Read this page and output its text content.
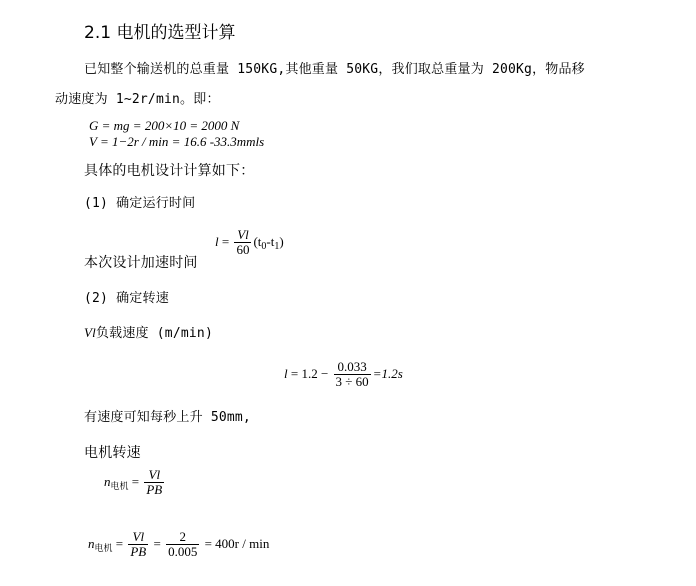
2.1 电机的选型计算
已知整个输送机的总重量 150KG,其他重量 50KG，我们取总重量为 200Kg，物品移
动速度为 1~2r/min。即：
G = mg = 200×10 = 2000 N
V = 1−2r / min = 16.6 -33.3mmls
具体的电机设计计算如下：
(1) 确定运行时间
$l = \frac{Vl}{60} (t_0-t_1)$
本次设计加速时间
(2) 确定转速
Vl负载速度 (m/min)
$l = 1.2 - \frac{0.033}{3 \div 60} =1.2s$
有速度可知每秒上升 50mm,
电机转速
$n_{电机} = \frac{Vl}{PB}$
$n_{电机} = \frac{Vl}{PB} = \frac{2}{0.005} = 400r / \min$
